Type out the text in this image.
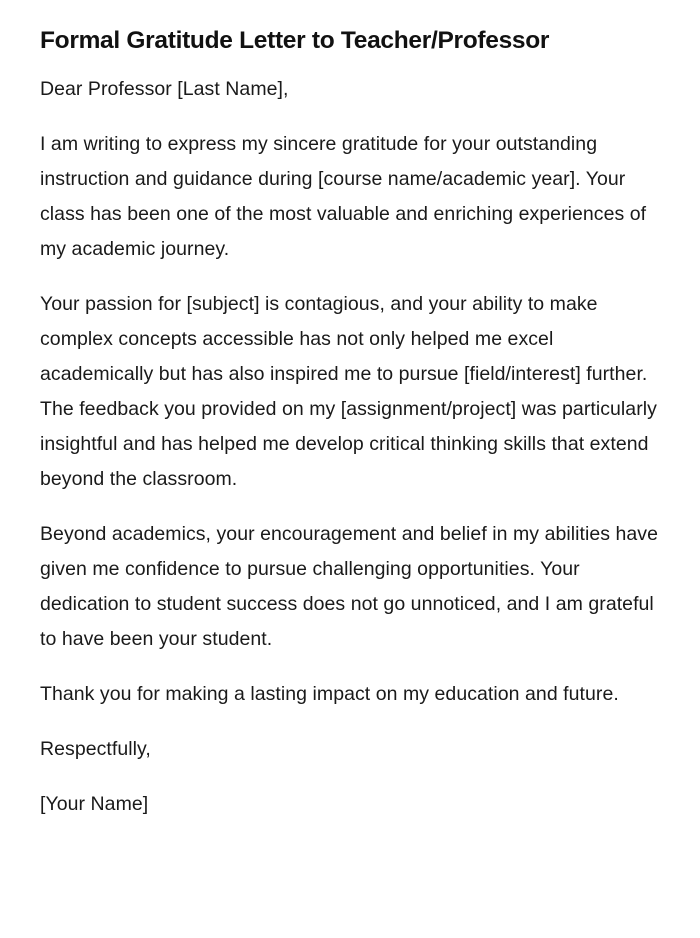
Formal Gratitude Letter to Teacher/Professor

Dear Professor [Last Name],

I am writing to express my sincere gratitude for your outstanding instruction and guidance during [course name/academic year]. Your class has been one of the most valuable and enriching experiences of my academic journey.

Your passion for [subject] is contagious, and your ability to make complex concepts accessible has not only helped me excel academically but has also inspired me to pursue [field/interest] further. The feedback you provided on my [assignment/project] was particularly insightful and has helped me develop critical thinking skills that extend beyond the classroom.

Beyond academics, your encouragement and belief in my abilities have given me confidence to pursue challenging opportunities. Your dedication to student success does not go unnoticed, and I am grateful to have been your student.

Thank you for making a lasting impact on my education and future.

Respectfully,

[Your Name]
